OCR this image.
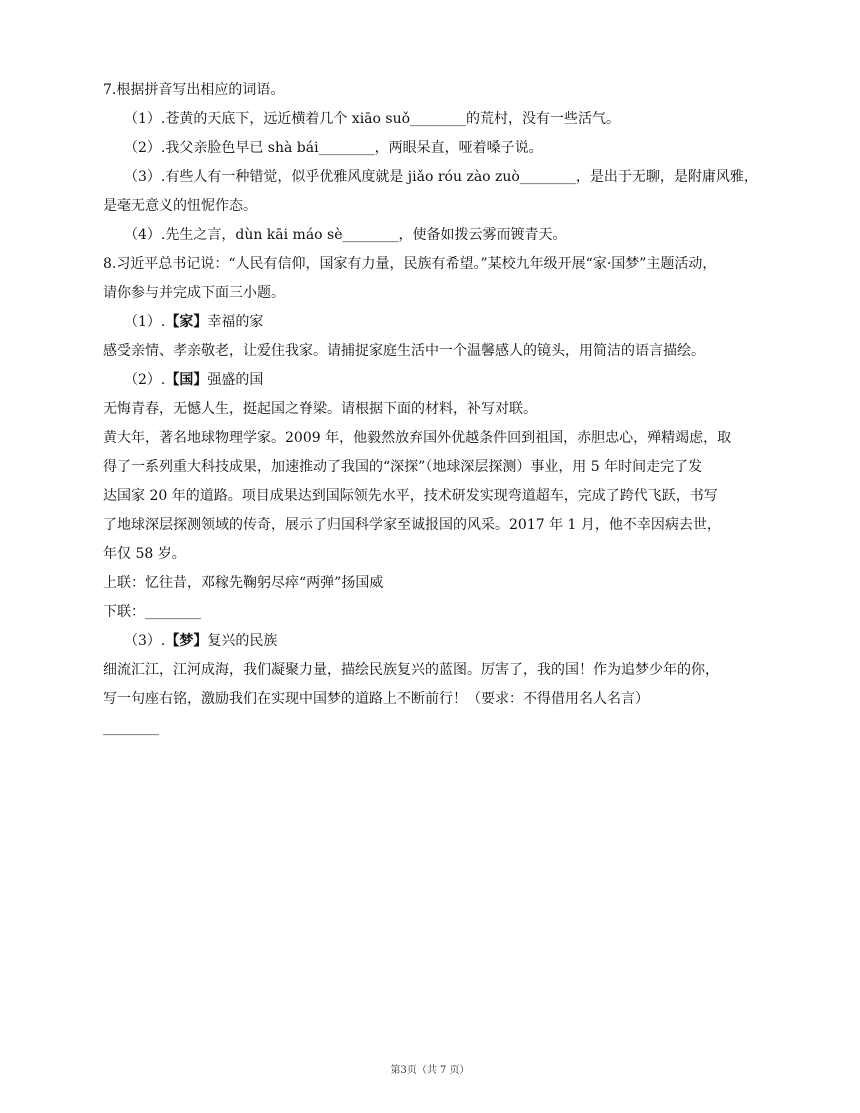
7.根据拼音写出相应的词语。
（1）.苍黄的天底下，远近横着几个 xiāo suǒ________的荒村，没有一些活气。
（2）.我父亲脸色早已 shà bái________，两眼呆直，哑着嗓子说。
（3）.有些人有一种错觉，似乎优雅风度就是 jiǎo róu zào zuò________，是出于无聊，是附庸风雅，
是毫无意义的忸怩作态。
（4）.先生之言，dùn kāi máo sè________，使备如拨云雾而镀青天。
8.习近平总书记说：“人民有信仰，国家有力量，民族有希望。”某校九年级开展“家·国梦”主题活动，
请你参与并完成下面三小题。
（1）.【家】幸福的家
感受亲情、孝亲敬老，让爱住我家。请捕捉家庭生活中一个温馨感人的镜头，用简洁的语言描绘。
（2）.【国】强盛的国
无悔青春，无憾人生，挺起国之脊梁。请根据下面的材料，补写对联。
黄大年，著名地球物理学家。2009 年，他毅然放弃国外优越条件回到祖国，赤胆忠心，殚精竭虑，取
得了一系列重大科技成果，加速推动了我国的“深探”（地球深层探测）事业，用 5 年时间走完了发
达国家 20 年的道路。项目成果达到国际领先水平，技术研发实现弯道超车，完成了跨代飞跃，书写
了地球深层探测领域的传奇，展示了归国科学家至诚报国的风采。2017 年 1 月，他不幸因病去世，
年仅 58 岁。
上联：忆往昔，邓稼先鞠躬尽瘁“两弹”扬国威
下联：________
（3）.【梦】复兴的民族
细流汇江，江河成海，我们凝聚力量，描绘民族复兴的蓝图。厉害了，我的国！作为追梦少年的你，
写一句座右铭，激励我们在实现中国梦的道路上不断前行！（要求：不得借用名人名言）
________
第3页（共 7 页）
